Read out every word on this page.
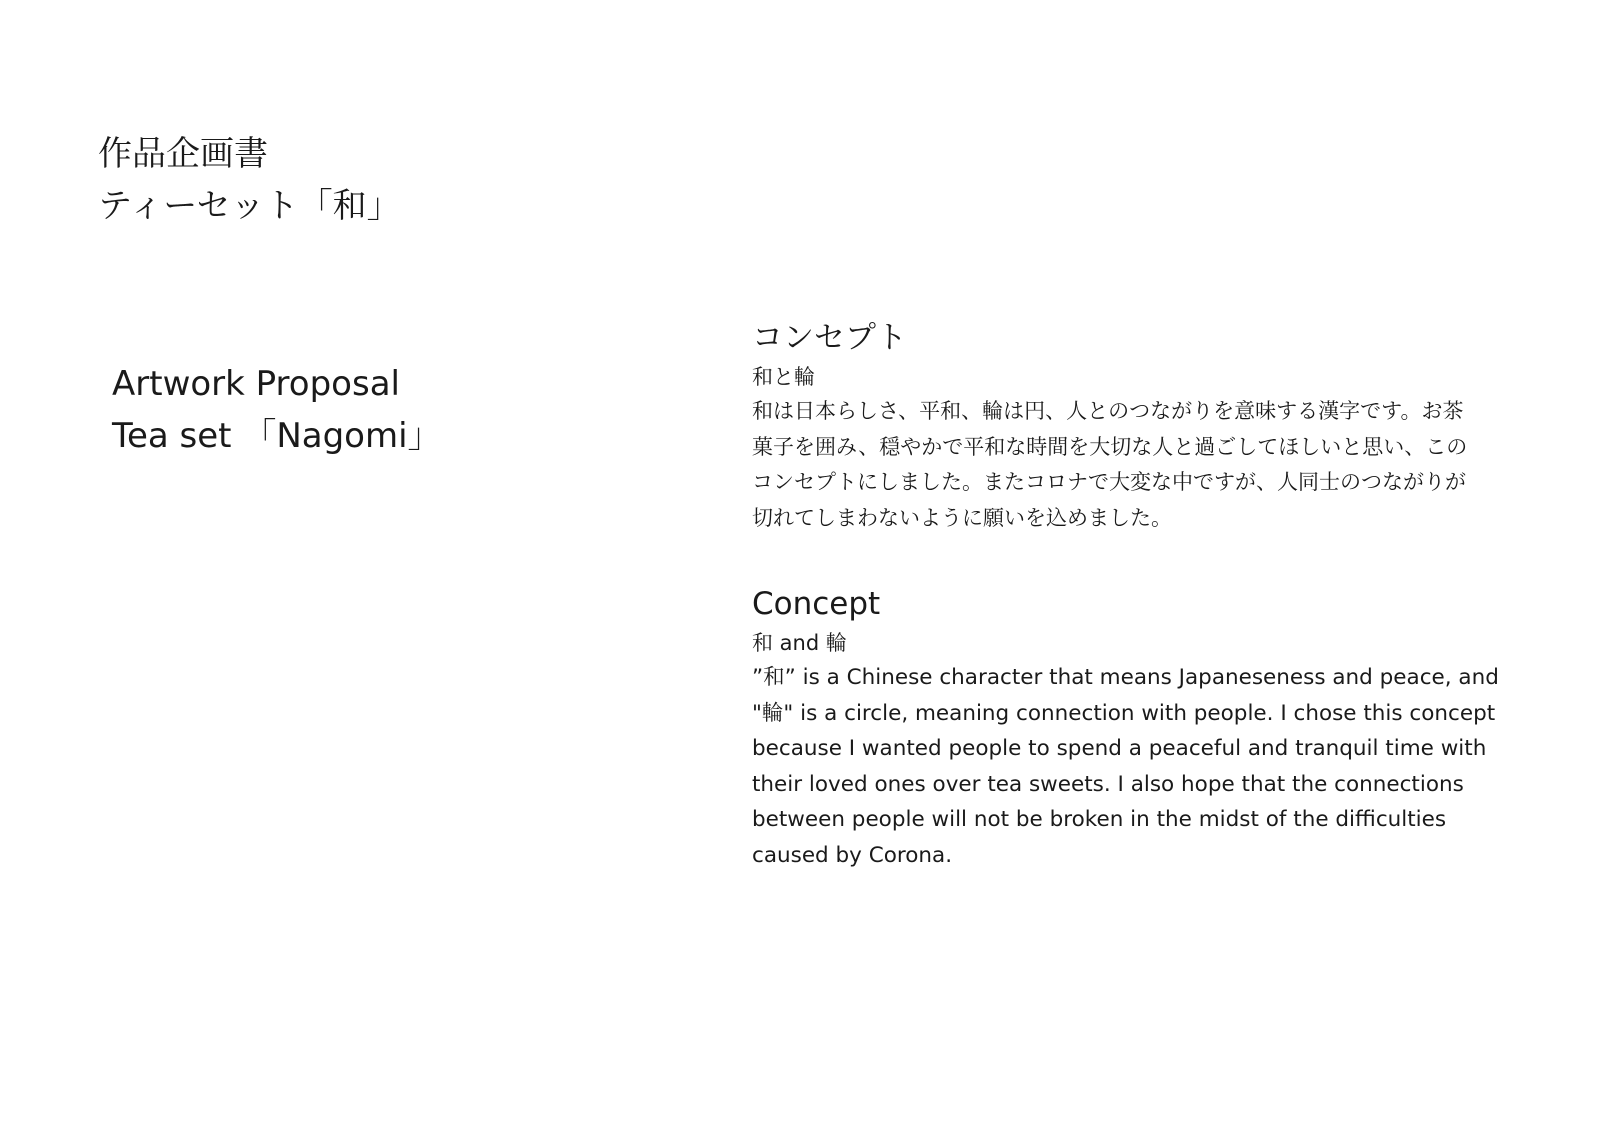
作品企画書
ティーセット「和」
Artwork Proposal
Tea set 「Nagomi」
コンセプト
和と輪
和は日本らしさ、平和、輪は円、人とのつながりを意味する漢字です。お茶
菓子を囲み、穏やかで平和な時間を大切な人と過ごしてほしいと思い、この
コンセプトにしました。またコロナで大変な中ですが、人同士のつながりが
切れてしまわないように願いを込めました。
Concept
和 and 輪
”和” is a Chinese character that means Japaneseness and peace, and
"輪" is a circle, meaning connection with people. I chose this concept
because I wanted people to spend a peaceful and tranquil time with
their loved ones over tea sweets. I also hope that the connections
between people will not be broken in the midst of the difficulties
caused by Corona.
